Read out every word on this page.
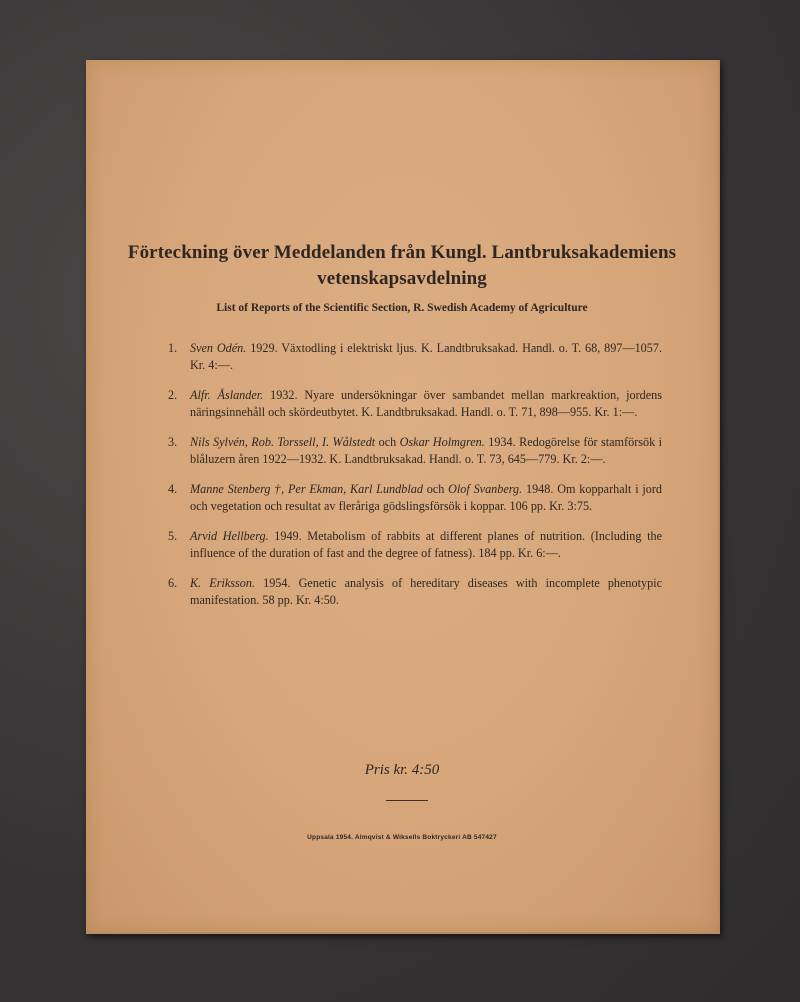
Förteckning över Meddelanden från Kungl. Lantbruksakademiens
vetenskapsavdelning
List of Reports of the Scientific Section, R. Swedish Academy of Agriculture
1. Sven Odén. 1929. Växtodling i elektriskt ljus. K. Landtbruksakad. Handl. o. T. 68, 897—1057. Kr. 4:—.
2. Alfr. Åslander. 1932. Nyare undersökningar över sambandet mellan markreaktion, jordens näringsinnehåll och skördeutbytet. K. Landtbruksakad. Handl. o. T. 71, 898—955. Kr. 1:—.
3. Nils Sylvén, Rob. Torssell, I. Wålstedt och Oskar Holmgren. 1934. Redogörelse för stamförsök i blåluzern åren 1922—1932. K. Landtbruksakad. Handl. o. T. 73, 645—779. Kr. 2:—.
4. Manne Stenberg †, Per Ekman, Karl Lundblad och Olof Svanberg. 1948. Om kopparhalt i jord och vegetation och resultat av fleråriga gödslingsförsök i koppar. 106 pp. Kr. 3:75.
5. Arvid Hellberg. 1949. Metabolism of rabbits at different planes of nutrition. (Including the influence of the duration of fast and the degree of fatness). 184 pp. Kr. 6:—.
6. K. Eriksson. 1954. Genetic analysis of hereditary diseases with incomplete phenotypic manifestation. 58 pp. Kr. 4:50.
Pris kr. 4:50
Uppsala 1954. Almqvist & Wiksells Boktryckeri AB 547427
